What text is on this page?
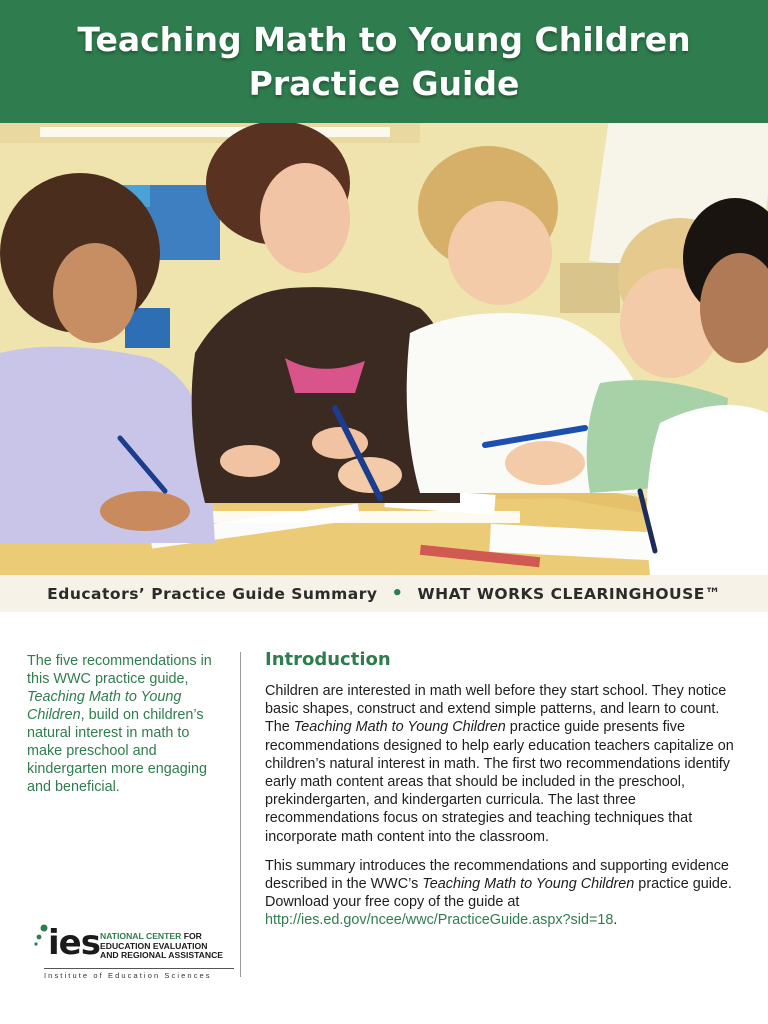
Teaching Math to Young Children
Practice Guide
Educators’ Practice Guide Summary • WHAT WORKS CLEARINGHOUSE™
The five recommendations in this WWC practice guide, Teaching Math to Young Children, build on children’s natural interest in math to make preschool and kindergarten more engaging and beneficial.
Introduction

Children are interested in math well before they start school. They notice basic shapes, construct and extend simple patterns, and learn to count. The Teaching Math to Young Children practice guide presents five recommendations designed to help early education teachers capitalize on children’s natural interest in math. The first two recommendations identify early math content areas that should be included in the preschool, prekindergarten, and kindergarten curricula. The last three recommendations focus on strategies and teaching techniques that incorporate math content into the classroom.

This summary introduces the recommendations and supporting evidence described in the WWC’s Teaching Math to Young Children practice guide. Download your free copy of the guide at http://ies.ed.gov/ncee/wwc/PracticeGuide.aspx?sid=18.

ies NATIONAL CENTER FOR
EDUCATION EVALUATION
AND REGIONAL ASSISTANCE
Institute of Education Sciences
